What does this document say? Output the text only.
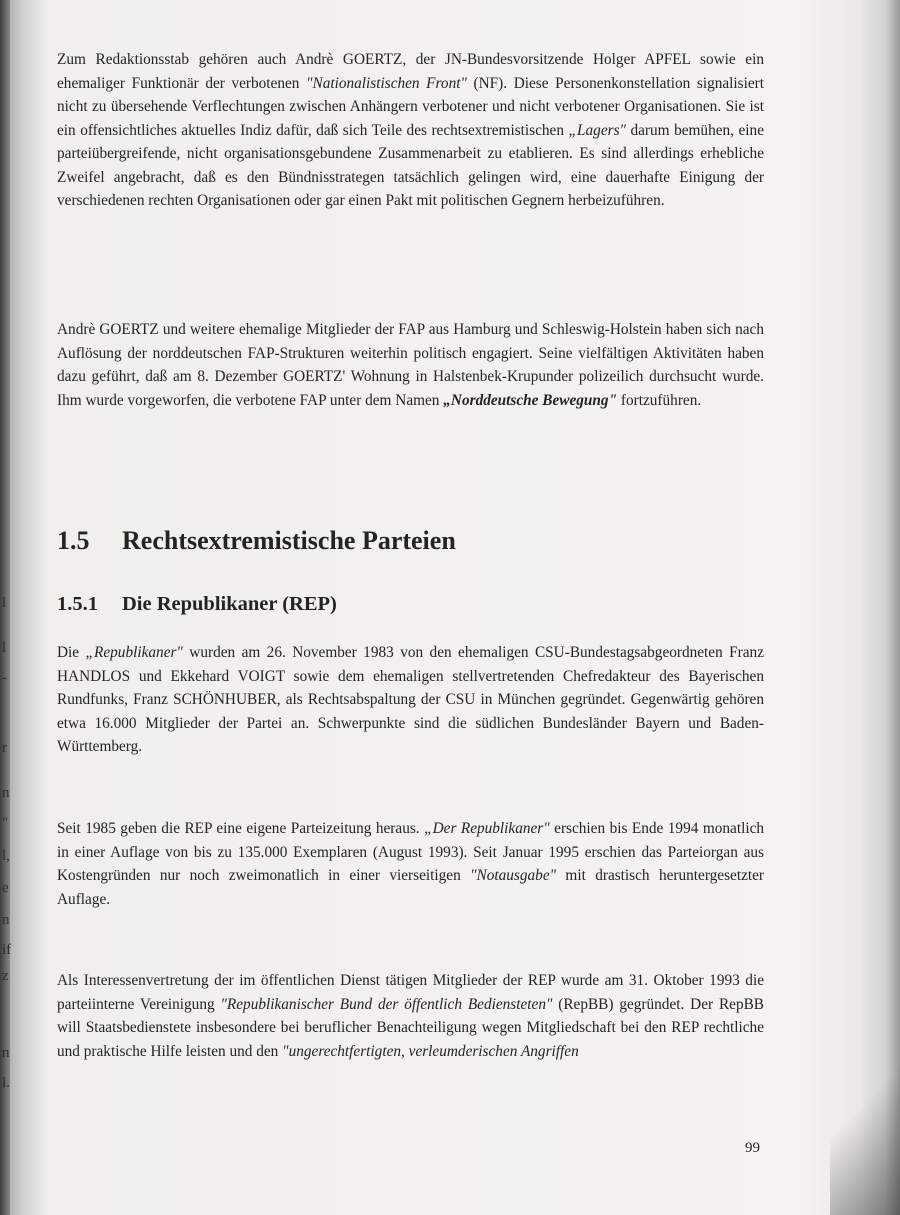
l
l
-
r
n
"
l,
e
n
if
z
n
l.

Zum Redaktionsstab gehören auch Andrè GOERTZ, der JN-Bundesvorsitzende Holger APFEL sowie ein ehemaliger Funktionär der verbotenen "Nationalistischen Front" (NF). Diese Personenkonstellation signalisiert nicht zu übersehende Verflechtungen zwischen Anhängern verbotener und nicht verbotener Organisationen. Sie ist ein offensichtliches aktuelles Indiz dafür, daß sich Teile des rechtsextremistischen „Lagers" darum bemühen, eine parteiübergreifende, nicht organisationsgebundene Zusammenarbeit zu etablieren. Es sind allerdings erhebliche Zweifel angebracht, daß es den Bündnisstrategen tatsächlich gelingen wird, eine dauerhafte Einigung der verschiedenen rechten Organisationen oder gar einen Pakt mit politischen Gegnern herbeizuführen.

Andrè GOERTZ und weitere ehemalige Mitglieder der FAP aus Hamburg und Schleswig-Holstein haben sich nach Auflösung der norddeutschen FAP-Strukturen weiterhin politisch engagiert. Seine vielfältigen Aktivitäten haben dazu geführt, daß am 8. Dezember GOERTZ' Wohnung in Halstenbek-Krupunder polizeilich durchsucht wurde. Ihm wurde vorgeworfen, die verbotene FAP unter dem Namen „Norddeutsche Bewegung" fortzuführen.

1.5 Rechtsextremistische Parteien
1.5.1 Die Republikaner (REP)

Die „Republikaner" wurden am 26. November 1983 von den ehemaligen CSU-Bundestagsabgeordneten Franz HANDLOS und Ekkehard VOIGT sowie dem ehemaligen stellvertretenden Chefredakteur des Bayerischen Rundfunks, Franz SCHÖNHUBER, als Rechtsabspaltung der CSU in München gegründet. Gegenwärtig gehören etwa 16.000 Mitglieder der Partei an. Schwerpunkte sind die südlichen Bundesländer Bayern und Baden-Württemberg.

Seit 1985 geben die REP eine eigene Parteizeitung heraus. „Der Republikaner" erschien bis Ende 1994 monatlich in einer Auflage von bis zu 135.000 Exemplaren (August 1993). Seit Januar 1995 erschien das Parteiorgan aus Kostengründen nur noch zweimonatlich in einer vierseitigen "Notausgabe" mit drastisch heruntergesetzter Auflage.

Als Interessenvertretung der im öffentlichen Dienst tätigen Mitglieder der REP wurde am 31. Oktober 1993 die parteiinterne Vereinigung "Republikanischer Bund der öffentlich Bediensteten" (RepBB) gegründet. Der RepBB will Staatsbedienstete insbesondere bei beruflicher Benachteiligung wegen Mitgliedschaft bei den REP rechtliche und praktische Hilfe leisten und den "ungerechtfertigten, verleumderischen Angriffen

99
